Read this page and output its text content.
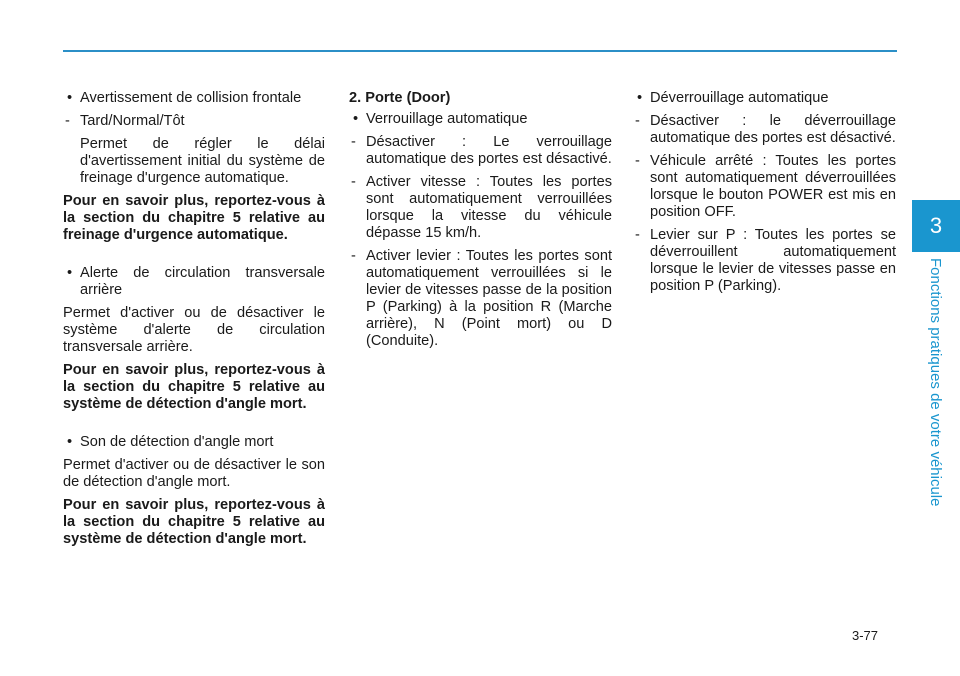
• Avertissement de collision frontale

- Tard/Normal/Tôt

Permet de régler le délai d'avertissement initial du système de freinage d'urgence automatique.

Pour en savoir plus, reportez-vous à la section du chapitre 5 relative au freinage d'urgence automatique.

• Alerte de circulation transversale arrière

Permet d'activer ou de désactiver le système d'alerte de circulation transversale arrière.

Pour en savoir plus, reportez-vous à la section du chapitre 5 relative au système de détection d'angle mort.

• Son de détection d'angle mort

Permet d'activer ou de désactiver le son de détection d'angle mort.

Pour en savoir plus, reportez-vous à la section du chapitre 5 relative au système de détection d'angle mort.

2. Porte (Door)

• Verrouillage automatique

- Désactiver : Le verrouillage automatique des portes est désactivé.

- Activer vitesse : Toutes les portes sont automatiquement verrouillées lorsque la vitesse du véhicule dépasse 15 km/h.

- Activer levier : Toutes les portes sont automatiquement verrouillées si le levier de vitesses passe de la position P (Parking) à la position R (Marche arrière), N (Point mort) ou D (Conduite).

• Déverrouillage automatique

- Désactiver : le déverrouillage automatique des portes est désactivé.

- Véhicule arrêté : Toutes les portes sont automatiquement déverrouillées lorsque le bouton POWER est mis en position OFF.

- Levier sur P : Toutes les portes se déverrouillent automatiquement lorsque le levier de vitesses passe en position P (Parking).

3
Fonctions pratiques de votre véhicule
3-77
